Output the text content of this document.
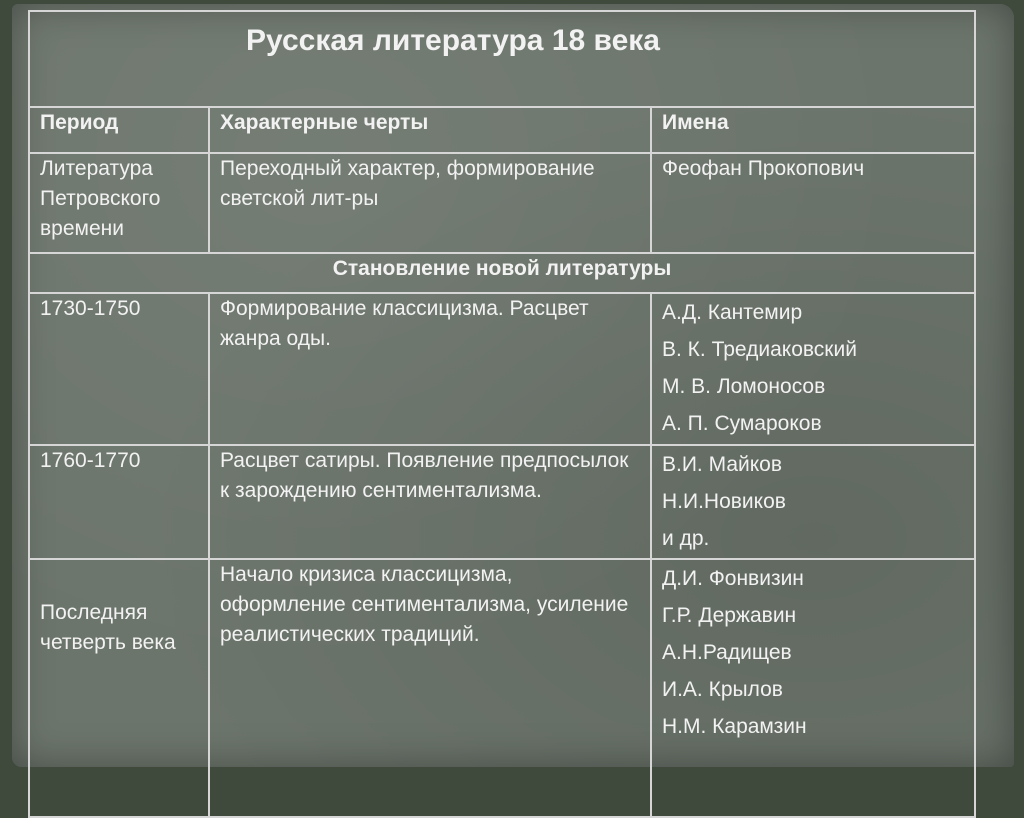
Русская литература 18 века		
Период	Характерные черты	Имена
Литература Петровского времени	Переходный характер, формирование светской лит-ры	Феофан Прокопович

Становление новой литературы		
1730-1750	Формирование классицизма. Расцвет жанра оды.	А.Д. Кантемир
В. К. Тредиаковский
М. В. Ломоносов
А. П. Сумароков

1760-1770	Расцвет сатиры. Появление предпосылок к зарождению сентиментализма.	В.И. Майков
Н.И.Новиков
и др.

Последняя четверть века	Начало кризиса классицизма, оформление сентиментализма, усиление реалистических традиций.	Д.И. Фонвизин
Г.Р. Державин
А.Н.Радищев
И.А. Крылов
Н.М. Карамзин
